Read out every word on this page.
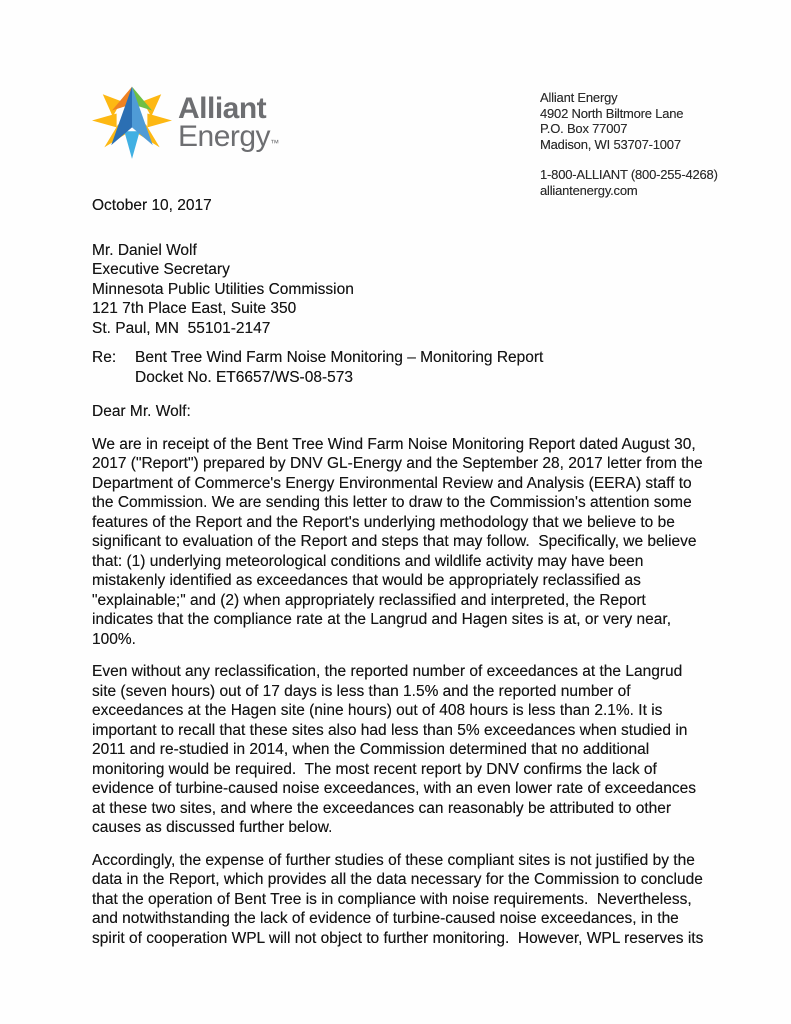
Alliant
Energy™
Alliant Energy
4902 North Biltmore Lane
P.O. Box 77007
Madison, WI 53707-1007
1-800-ALLIANT (800-255-4268)
alliantenergy.com
October 10, 2017
Mr. Daniel Wolf
Executive Secretary
Minnesota Public Utilities Commission
121 7th Place East, Suite 350
St. Paul, MN  55101-2147
Re:	Bent Tree Wind Farm Noise Monitoring – Monitoring Report
Docket No. ET6657/WS-08-573
Dear Mr. Wolf:

We are in receipt of the Bent Tree Wind Farm Noise Monitoring Report dated August 30, 2017 ("Report") prepared by DNV GL-Energy and the September 28, 2017 letter from the Department of Commerce's Energy Environmental Review and Analysis (EERA) staff to the Commission. We are sending this letter to draw to the Commission's attention some features of the Report and the Report's underlying methodology that we believe to be significant to evaluation of the Report and steps that may follow.  Specifically, we believe that: (1) underlying meteorological conditions and wildlife activity may have been mistakenly identified as exceedances that would be appropriately reclassified as "explainable;" and (2) when appropriately reclassified and interpreted, the Report indicates that the compliance rate at the Langrud and Hagen sites is at, or very near, 100%.

Even without any reclassification, the reported number of exceedances at the Langrud site (seven hours) out of 17 days is less than 1.5% and the reported number of exceedances at the Hagen site (nine hours) out of 408 hours is less than 2.1%. It is important to recall that these sites also had less than 5% exceedances when studied in 2011 and re-studied in 2014, when the Commission determined that no additional monitoring would be required.  The most recent report by DNV confirms the lack of evidence of turbine-caused noise exceedances, with an even lower rate of exceedances at these two sites, and where the exceedances can reasonably be attributed to other causes as discussed further below.

Accordingly, the expense of further studies of these compliant sites is not justified by the data in the Report, which provides all the data necessary for the Commission to conclude that the operation of Bent Tree is in compliance with noise requirements.  Nevertheless, and notwithstanding the lack of evidence of turbine-caused noise exceedances, in the spirit of cooperation WPL will not object to further monitoring.  However, WPL reserves its
